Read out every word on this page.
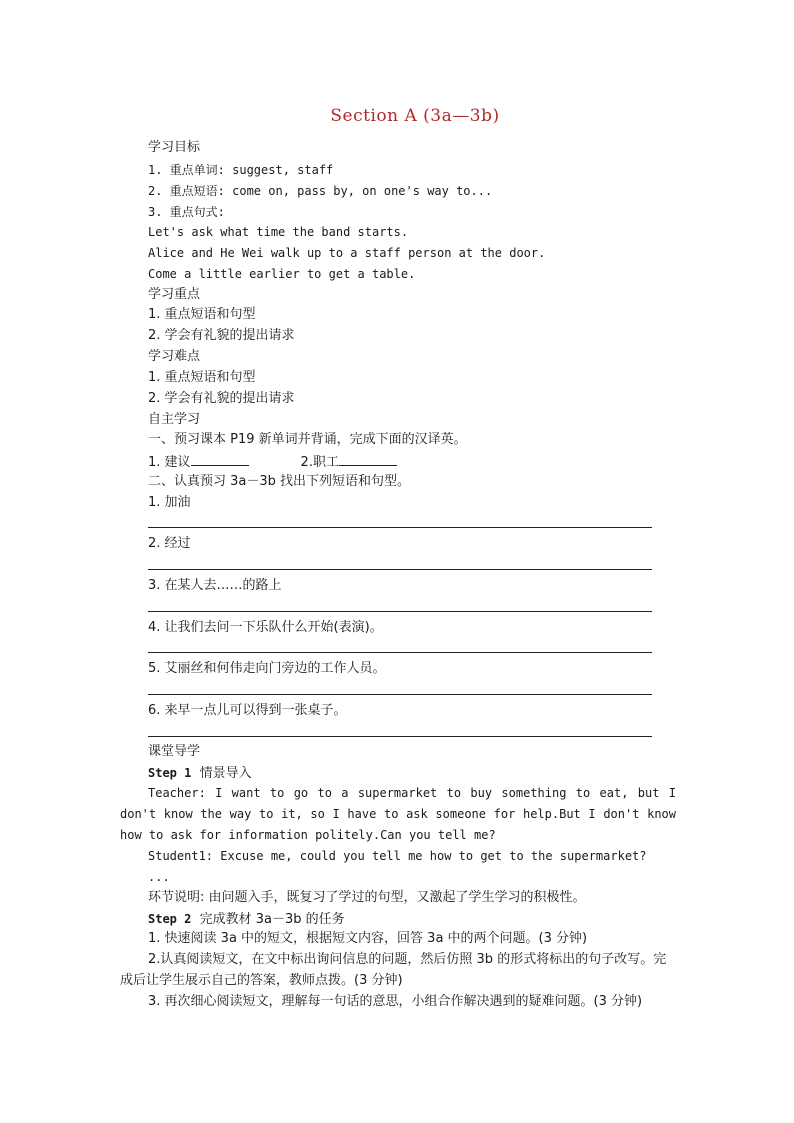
Section A (3a—3b)
学习目标
1. 重点单词: suggest, staff
2. 重点短语: come on, pass by, on one's way to...
3. 重点句式:
Let's ask what time the band starts.
Alice and He Wei walk up to a staff person at the door.
Come a little earlier to get a table.
学习重点
1. 重点短语和句型
2. 学会有礼貌的提出请求
学习难点
1. 重点短语和句型
2. 学会有礼貌的提出请求
自主学习
一、预习课本 P19 新单词并背诵，完成下面的汉译英。
1. 建议	2.职工
二、认真预习 3a－3b 找出下列短语和句型。
1. 加油
2. 经过
3. 在某人去……的路上
4. 让我们去问一下乐队什么开始(表演)。
5. 艾丽丝和何伟走向门旁边的工作人员。
6. 来早一点儿可以得到一张桌子。
课堂导学
Step 1 情景导入
Teacher: I want to go to a supermarket to buy something to eat, but I don't know the way to it, so I have to ask someone for help.But I don't know how to ask for information politely.Can you tell me?
Student1: Excuse me, could you tell me how to get to the supermarket?
...
环节说明: 由问题入手，既复习了学过的句型，又激起了学生学习的积极性。
Step 2 完成教材 3a－3b 的任务
1. 快速阅读 3a 中的短文，根据短文内容，回答 3a 中的两个问题。(3 分钟)
2.认真阅读短文，在文中标出询问信息的问题，然后仿照 3b 的形式将标出的句子改写。完成后让学生展示自己的答案，教师点拨。(3 分钟)
3. 再次细心阅读短文，理解每一句话的意思，小组合作解决遇到的疑难问题。(3 分钟)
